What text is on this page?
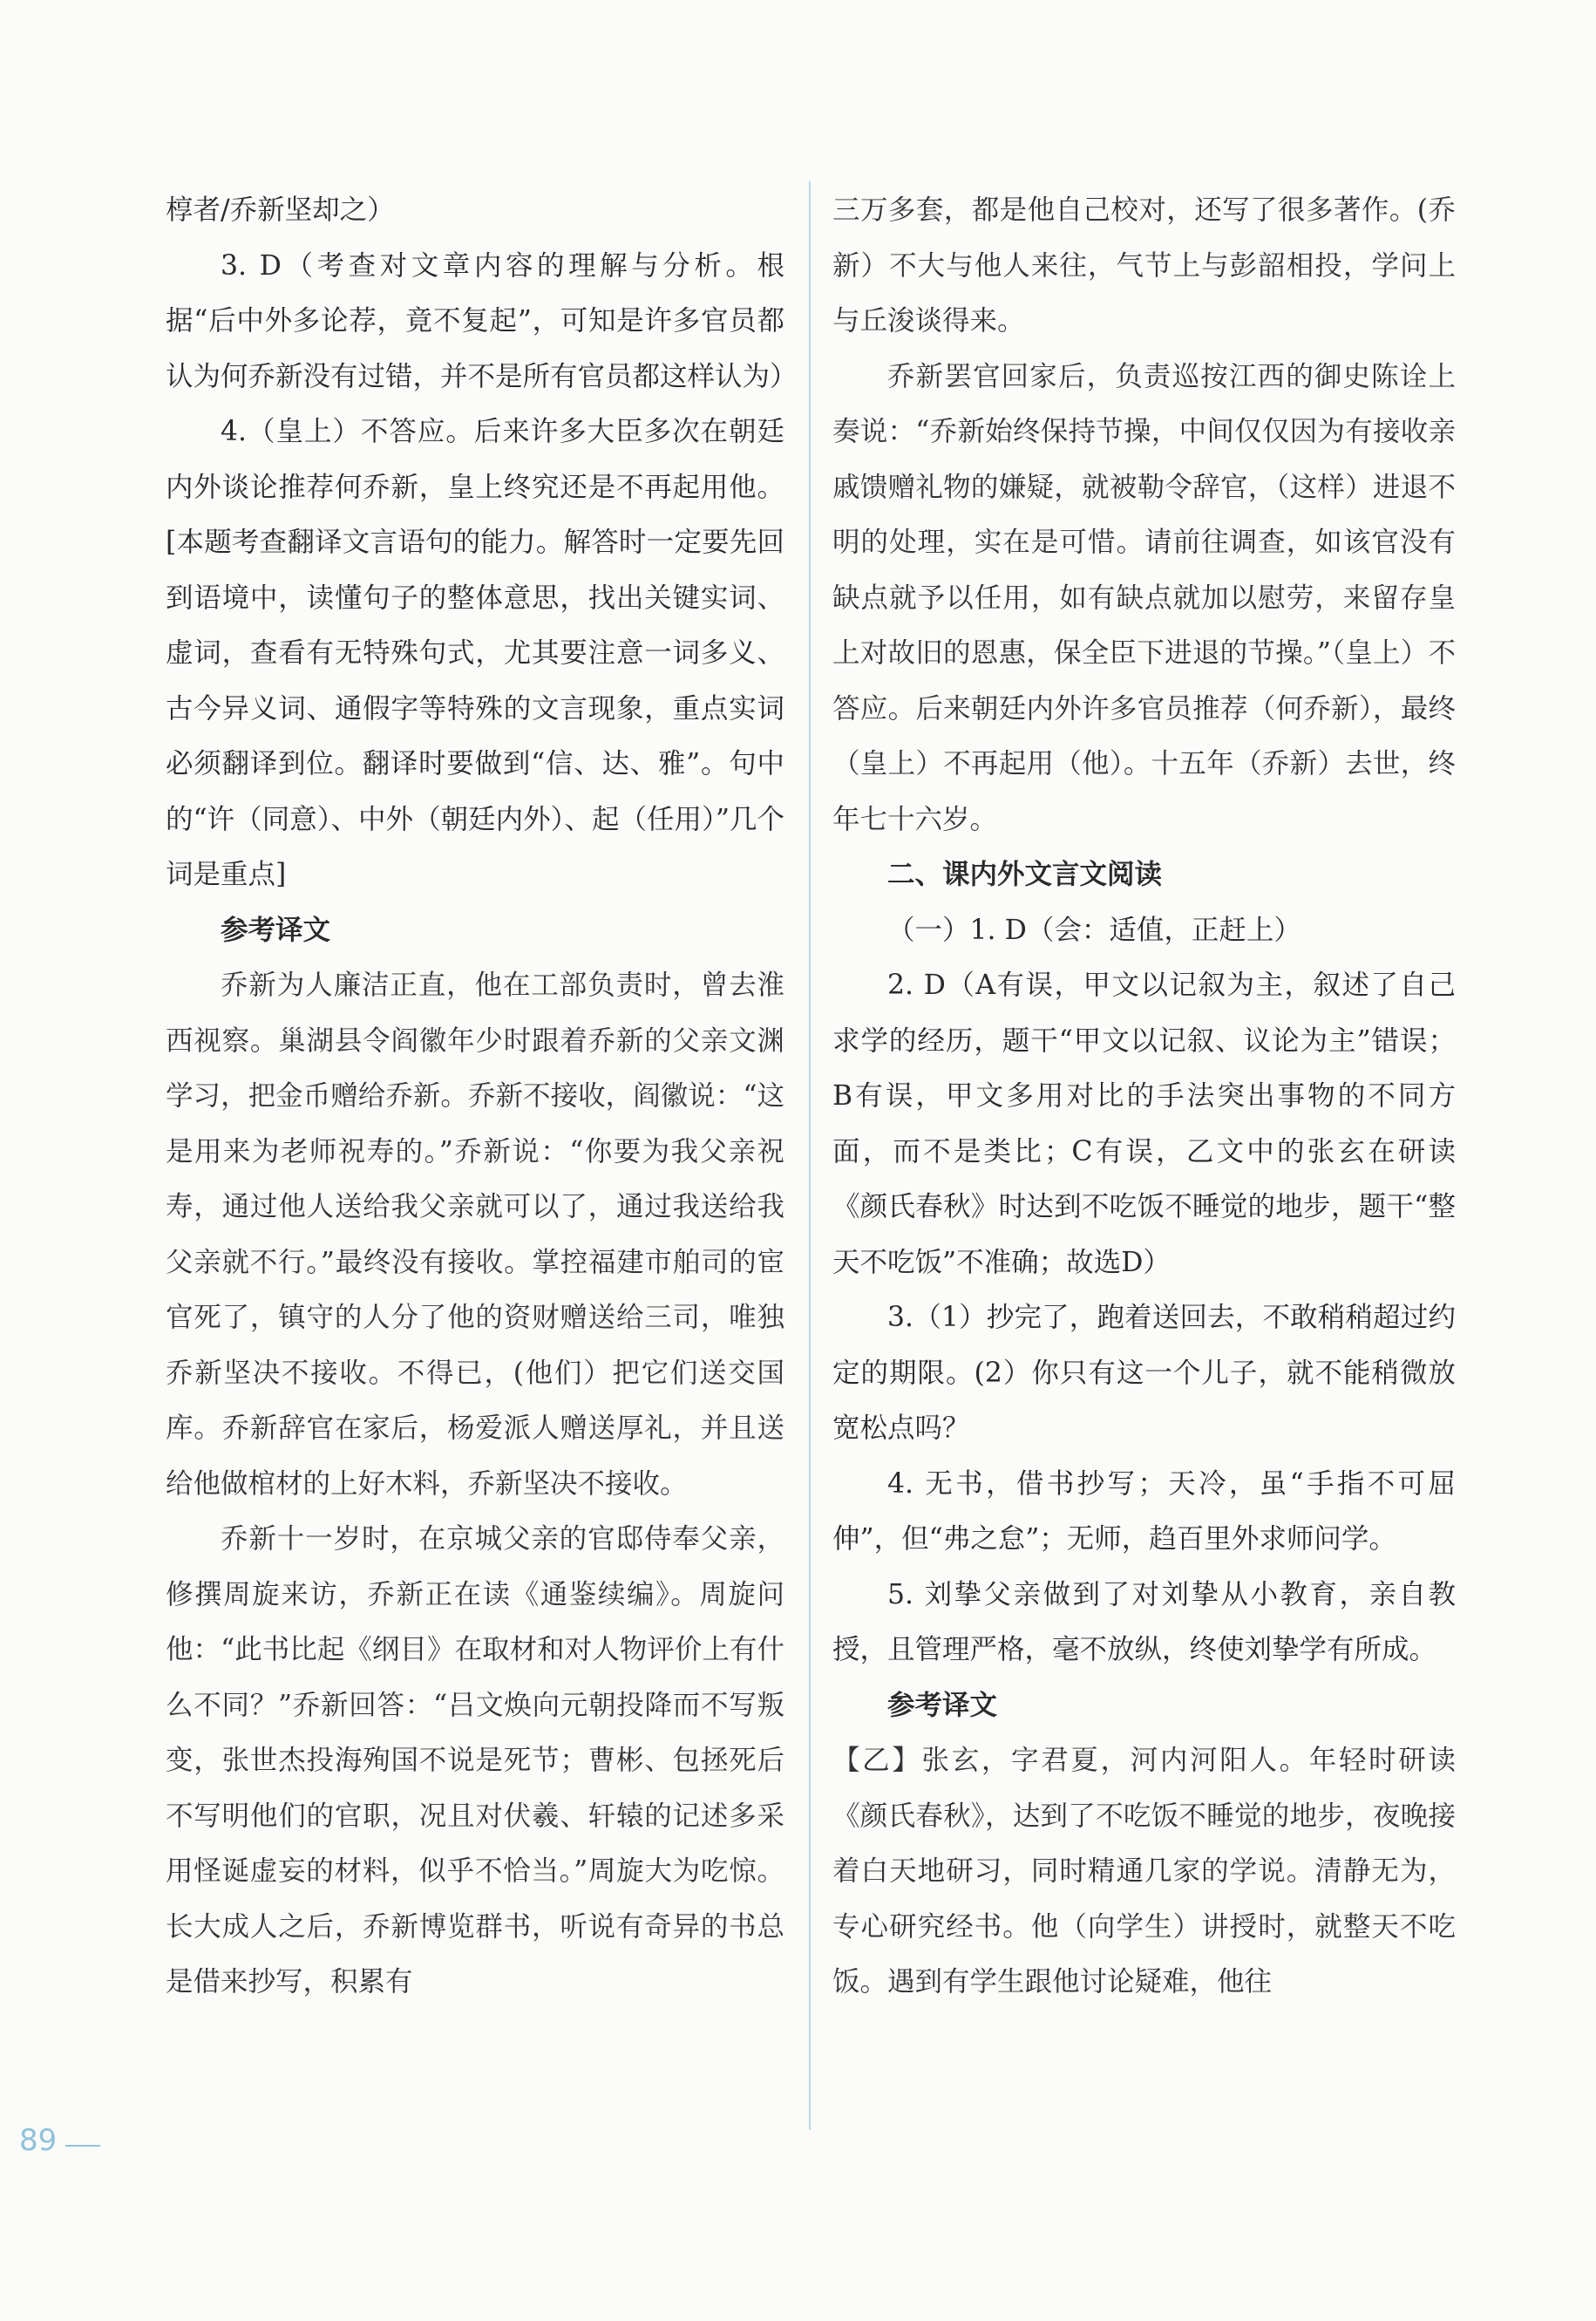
椁者/乔新坚却之）

3. D（考查对文章内容的理解与分析。根据“后中外多论荐，竟不复起”，可知是许多官员都认为何乔新没有过错，并不是所有官员都这样认为）

4.（皇上）不答应。后来许多大臣多次在朝廷内外谈论推荐何乔新，皇上终究还是不再起用他。[本题考查翻译文言语句的能力。解答时一定要先回到语境中，读懂句子的整体意思，找出关键实词、虚词，查看有无特殊句式，尤其要注意一词多义、古今异义词、通假字等特殊的文言现象，重点实词必须翻译到位。翻译时要做到“信、达、雅”。句中的“许（同意）、中外（朝廷内外）、起（任用）”几个词是重点]

参考译文

乔新为人廉洁正直，他在工部负责时，曾去淮西视察。巢湖县令阎徽年少时跟着乔新的父亲文渊学习，把金币赠给乔新。乔新不接收，阎徽说：“这是用来为老师祝寿的。”乔新说：“你要为我父亲祝寿，通过他人送给我父亲就可以了，通过我送给我父亲就不行。”最终没有接收。掌控福建市舶司的宦官死了，镇守的人分了他的资财赠送给三司，唯独乔新坚决不接收。不得已，(他们）把它们送交国库。乔新辞官在家后，杨爱派人赠送厚礼，并且送给他做棺材的上好木料，乔新坚决不接收。

乔新十一岁时，在京城父亲的官邸侍奉父亲，修撰周旋来访，乔新正在读《通鉴续编》。周旋问他：“此书比起《纲目》在取材和对人物评价上有什么不同？”乔新回答：“吕文焕向元朝投降而不写叛变，张世杰投海殉国不说是死节；曹彬、包拯死后不写明他们的官职，况且对伏羲、轩辕的记述多采用怪诞虚妄的材料，似乎不恰当。”周旋大为吃惊。长大成人之后，乔新博览群书，听说有奇异的书总是借来抄写，积累有

三万多套，都是他自己校对，还写了很多著作。(乔新）不大与他人来往，气节上与彭韶相投，学问上与丘浚谈得来。

乔新罢官回家后，负责巡按江西的御史陈诠上奏说：“乔新始终保持节操，中间仅仅因为有接收亲戚馈赠礼物的嫌疑，就被勒令辞官，（这样）进退不明的处理，实在是可惜。请前往调查，如该官没有缺点就予以任用，如有缺点就加以慰劳，来留存皇上对故旧的恩惠，保全臣下进退的节操。”（皇上）不答应。后来朝廷内外许多官员推荐（何乔新），最终（皇上）不再起用（他）。十五年（乔新）去世，终年七十六岁。

二、课内外文言文阅读

（一）1. D（会：适值，正赶上）

2. D（A有误，甲文以记叙为主，叙述了自己求学的经历，题干“甲文以记叙、议论为主”错误；B有误，甲文多用对比的手法突出事物的不同方面，而不是类比；C有误，乙文中的张玄在研读《颜氏春秋》时达到不吃饭不睡觉的地步，题干“整天不吃饭”不准确；故选D）

3.（1）抄完了，跑着送回去，不敢稍稍超过约定的期限。(2）你只有这一个儿子，就不能稍微放宽松点吗？

4. 无书，借书抄写；天冷，虽“手指不可屈伸”，但“弗之怠”；无师，趋百里外求师问学。

5. 刘挚父亲做到了对刘挚从小教育，亲自教授，且管理严格，毫不放纵，终使刘挚学有所成。

参考译文

【乙】张玄，字君夏，河内河阳人。年轻时研读《颜氏春秋》，达到了不吃饭不睡觉的地步，夜晚接着白天地研习，同时精通几家的学说。清静无为，专心研究经书。他（向学生）讲授时，就整天不吃饭。遇到有学生跟他讨论疑难，他往

89
